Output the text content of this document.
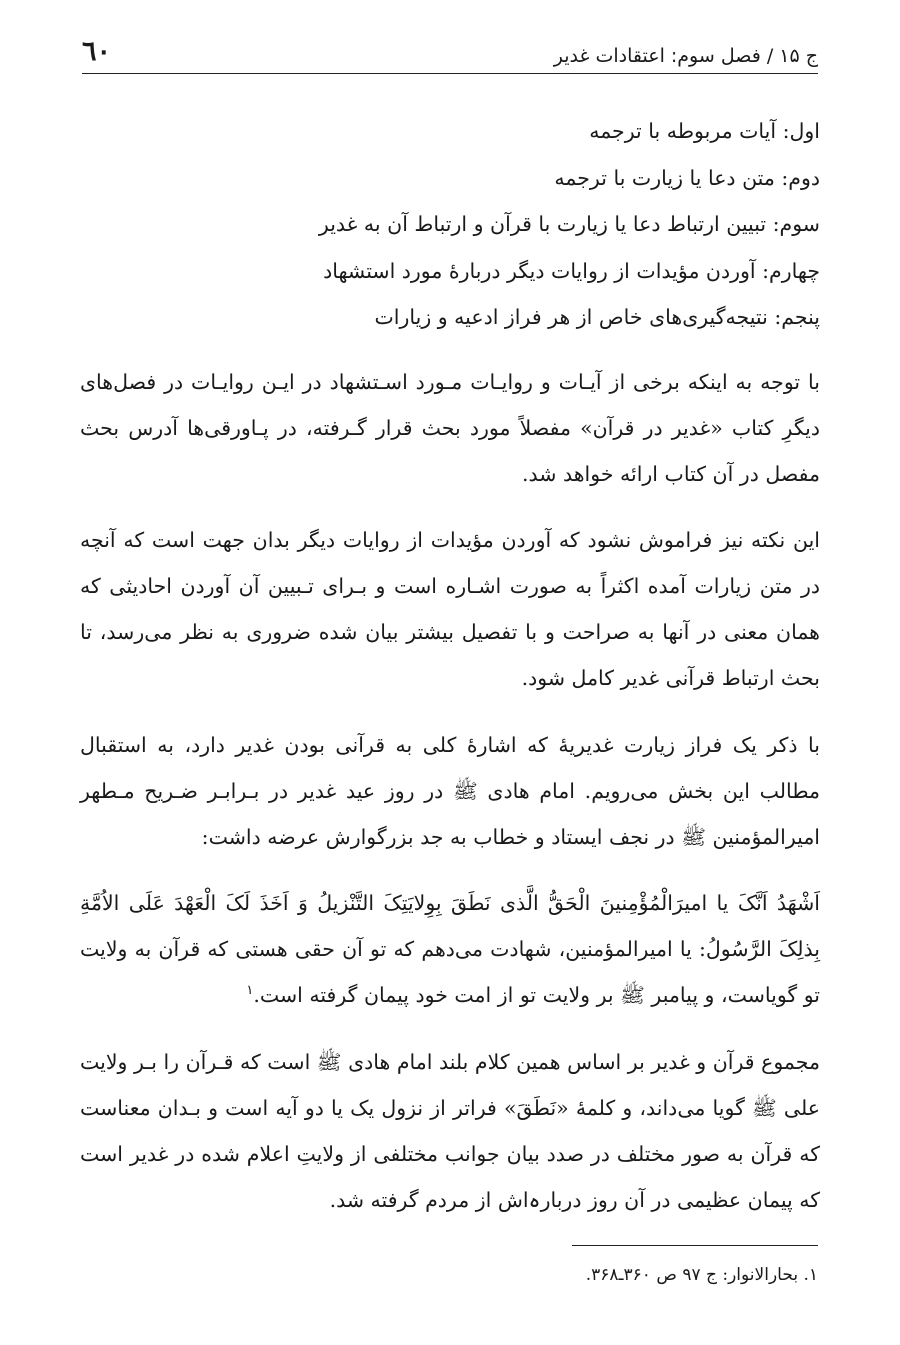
ج ۱۵ / فصل سوم: اعتقادات غدیر
٦٠
اول: آیات مربوطه با ترجمه
دوم: متن دعا یا زیارت با ترجمه
سوم: تبیین ارتباط دعا یا زیارت با قرآن و ارتباط آن به غدیر
چهارم: آوردن مؤیدات از روایات دیگر دربارۀ مورد استشهاد
پنجم: نتیجه‌گیری‌های خاص از هر فراز ادعیه و زیارات

با توجه به اینکه برخی از آیـات و روایـات مـورد اسـتشهاد در ایـن روایـات در فصل‌های دیگرِ کتاب «غدیر در قرآن» مفصلاً مورد بحث قرار گـرفته، در پـاورقی‌ها آدرس بحث مفصل در آن کتاب ارائه خواهد شد.

این نکته نیز فراموش نشود که آوردن مؤیدات از روایات دیگر بدان جهت است که آنچه در متن زیارات آمده اکثراً به صورت اشـاره است و بـرای تـبیین آن آوردن احادیثی که همان معنی در آنها به صراحت و با تفصیل بیشتر بیان شده ضروری به نظر می‌رسد، تا بحث ارتباط قرآنی غدیر کامل شود.

با ذکر یک فراز زیارت غدیریۀ که اشارۀ کلی به قرآنی بودن غدیر دارد، به استقبال مطالب این بخش می‌رویم. امام هادی ﷺ در روز عید غدیر در بـرابـر ضـریح مـطهر امیرالمؤمنین ﷺ در نجف ایستاد و خطاب به جد بزرگوارش عرضه داشت:

اَشْهَدُ اَنَّکَ یا امیرَالْمُؤْمِنینَ الْحَقُّ الَّذی نَطَقَ بِوِلایَتِکَ التَّنْزیلُ وَ اَخَذَ لَکَ الْعَهْدَ عَلَی الاُمَّةِ بِذلِکَ الرَّسُولُ: یا امیرالمؤمنین، شهادت می‌دهم که تو آن حقی هستی که قرآن به ولایت تو گویاست، و پیامبر ﷺ بر ولایت تو از امت خود پیمان گرفته است.$^۱$

مجموع قرآن و غدیر بر اساس همین کلام بلند امام هادی ﷺ است که قـرآن را بـر ولایت علی ﷺ گویا می‌داند، و کلمۀ «نَطَقَ» فراتر از نزول یک یا دو آیه است و بـدان معناست که قرآن به صور مختلف در صدد بیان جوانب مختلفی از ولایتِ اعلام شده در غدیر است که پیمان عظیمی در آن روز دربارہ‌اش از مردم گرفته شد.

۱. بحارالانوار: ج ۹۷ ص ۳۶۰ـ۳۶۸.
